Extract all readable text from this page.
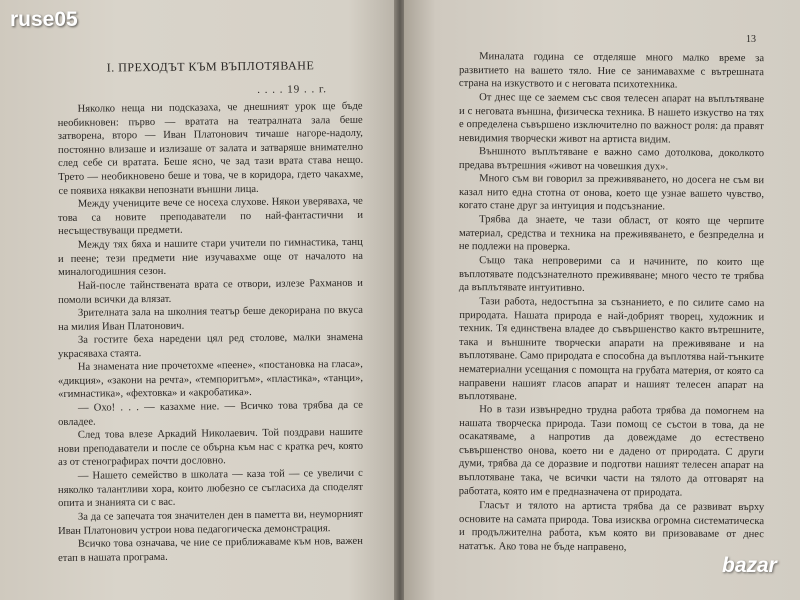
I. ПРЕХОДЪТ КЪМ ВЪПЛОТЯВАНЕ

. . . . 19 . . г.

Няколко неща ни подсказаха, че днешният урок ще бъде необикновен: първо — вратата на театралната зала беше затворена, второ — Иван Платонович тичаше нагоре-надолу, постоянно влизаше и излизаше от залата и затваряше внимателно след себе си вратата. Беше ясно, че зад тази врата става нещо. Трето — необикновено беше и това, че в коридора, гдето чакахме, се появиха някакви непознати външни лица.

Между учениците вече се носеха слухове. Някои уверяваха, че това са новите преподаватели по най-фантастични и несъществуващи предмети.

Между тях бяха и нашите стари учители по гимнастика, танц и пеене; тези предмети ние изучавахме още от началото на миналогодишния сезон.

Най-после тайнствената врата се отвори, излезе Рахманов и помоли всички да влязат.

Зрителната зала на школния театър беше декорирана по вкуса на милия Иван Платонович.

За гостите беха наредени цял ред столове, малки знамена украсяваха стаята.

На знамената ние прочетохме «пеене», «постановка на гласа», «дикция», «закони на речта», «темпоритъм», «пластика», «танци», «гимнастика», «фехтовка» и «акробатика».

— Охо! . . . — казахме ние. — Всичко това трябва да се овладее.

След това влезе Аркадий Николаевич. Той поздрави нашите нови преподаватели и после се обърна към нас с кратка реч, която аз от стенографирах почти дословно.

— Нашето семейство в школата — каза той — се увеличи с няколко талантливи хора, които любезно се съгласиха да споделят опита и знанията си с вас.

За да се запечата тоя значителен ден в паметта ви, неуморният Иван Платонович устрои нова педагогическа демонстрация.

Всичко това означава, че ние се приближаваме към нов, важен етап в нашата програма.

13

Миналата година се отделяше много малко време за развитието на вашето тяло. Ние се занимавахме с вътрешната страна на изкуството и с неговата психотехника.

От днес ще се заемем със своя телесен апарат на въплътяване и с неговата външна, физическа техника. В нашето изкуство на тях е определена съвършено изключително по важност роля: да правят невидимия творчески живот на артиста видим.

Външното въплътяване е важно само дотолкова, доколкото предава вътрешния «живот на човешкия дух».

Много съм ви говорил за преживяването, но досега не съм ви казал нито една стотна от онова, което ще узнае вашето чувство, когато стане друг за интуиция и подсъзнание.

Трябва да знаете, че тази област, от която ще черпите материал, средства и техника на преживяването, е безпределна и не подлежи на проверка.

Също така непроверими са и начините, по които ще въплотявате подсъзнателното преживяване; много често те трябва да въплътявате интуитивно.

Тази работа, недостъпна за съзнанието, е по силите само на природата. Нашата природа е най-добрият творец, художник и техник. Тя единствена владее до съвършенство както вътрешните, така и външните творчески апарати на преживяване и на въплотяване. Само природата е способна да въплотява най-тънките нематериални усещания с помощта на грубата материя, от която са направени нашият гласов апарат и нашият телесен апарат на въплотяване.

Но в тази извънредно трудна работа трябва да помогнем на нашата творческа природа. Тази помощ се състои в това, да не осакатяваме, а напротив да довеждаме до естествено съвършенство онова, което ни е дадено от природата. С други думи, трябва да се доразвие и подготви нашият телесен апарат на въплотяване така, че всички части на тялото да отговарят на работата, която им е предназначена от природата.

Гласът и тялото на артиста трябва да се развиват върху основите на самата природа. Това изисква огромна систематическа и продължителна работа, към която ви призоваваме от днес нататък. Ако това не бъде направено,

ruse05
bazar
